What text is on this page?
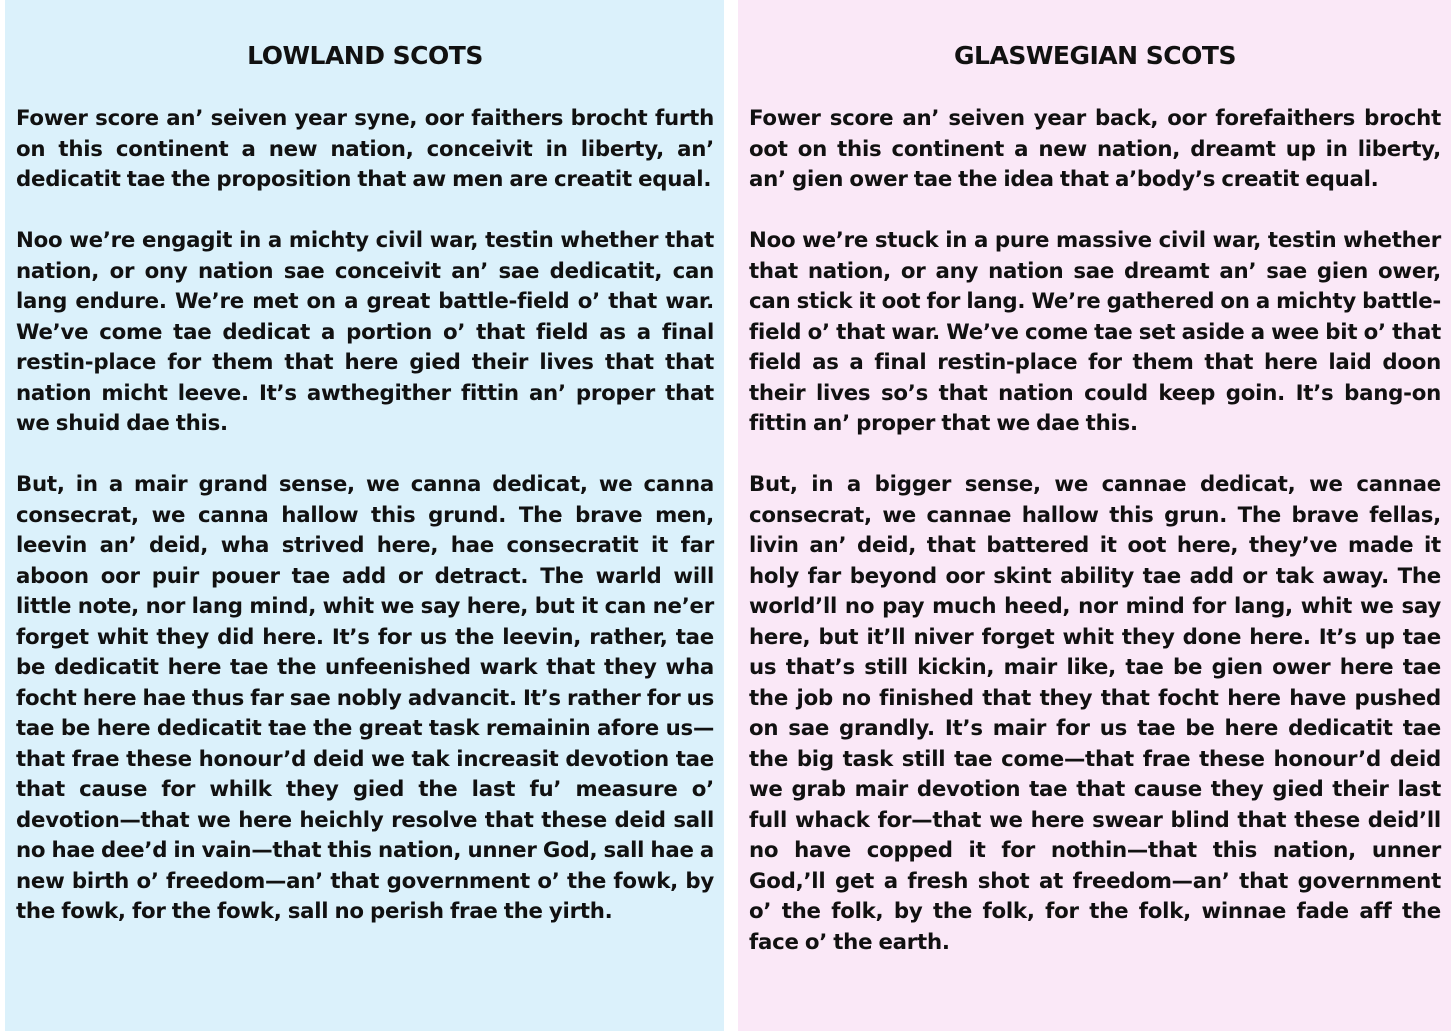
LOWLAND SCOTS

Fower score an’ seiven year syne, oor faithers brocht furth on this continent a new nation, conceivit in liberty, an’ dedicatit tae the proposition that aw men are creatit equal.

Noo we’re engagit in a michty civil war, testin whether that nation, or ony nation sae conceivit an’ sae dedicatit, can lang endure. We’re met on a great battle-field o’ that war. We’ve come tae dedicat a portion o’ that field as a final restin-place for them that here gied their lives that that nation micht leeve. It’s awthegither fittin an’ proper that we shuid dae this.

But, in a mair grand sense, we canna dedicat, we canna consecrat, we canna hallow this grund. The brave men, leevin an’ deid, wha strived here, hae consecratit it far aboon oor puir pouer tae add or detract. The warld will little note, nor lang mind, whit we say here, but it can ne’er forget whit they did here. It’s for us the leevin, rather, tae be dedicatit here tae the unfeenished wark that they wha focht here hae thus far sae nobly advancit. It’s rather for us tae be here dedicatit tae the great task remainin afore us—that frae these honour’d deid we tak increasit devotion tae that cause for whilk they gied the last fu’ measure o’ devotion—that we here heichly resolve that these deid sall no hae dee’d in vain—that this nation, unner God, sall hae a new birth o’ freedom—an’ that government o’ the fowk, by the fowk, for the fowk, sall no perish frae the yirth.

GLASWEGIAN SCOTS

Fower score an’ seiven year back, oor forefaithers brocht oot on this continent a new nation, dreamt up in liberty, an’ gien ower tae the idea that a’body’s creatit equal.

Noo we’re stuck in a pure massive civil war, testin whether that nation, or any nation sae dreamt an’ sae gien ower, can stick it oot for lang. We’re gathered on a michty battle-field o’ that war. We’ve come tae set aside a wee bit o’ that field as a final restin-place for them that here laid doon their lives so’s that nation could keep goin. It’s bang-on fittin an’ proper that we dae this.

But, in a bigger sense, we cannae dedicat, we cannae consecrat, we cannae hallow this grun. The brave fellas, livin an’ deid, that battered it oot here, they’ve made it holy far beyond oor skint ability tae add or tak away. The world’ll no pay much heed, nor mind for lang, whit we say here, but it’ll niver forget whit they done here. It’s up tae us that’s still kickin, mair like, tae be gien ower here tae the job no finished that they that focht here have pushed on sae grandly. It’s mair for us tae be here dedicatit tae the big task still tae come—that frae these honour’d deid we grab mair devotion tae that cause they gied their last full whack for—that we here swear blind that these deid’ll no have copped it for nothin—that this nation, unner God,’ll get a fresh shot at freedom—an’ that government o’ the folk, by the folk, for the folk, winnae fade aff the face o’ the earth.
